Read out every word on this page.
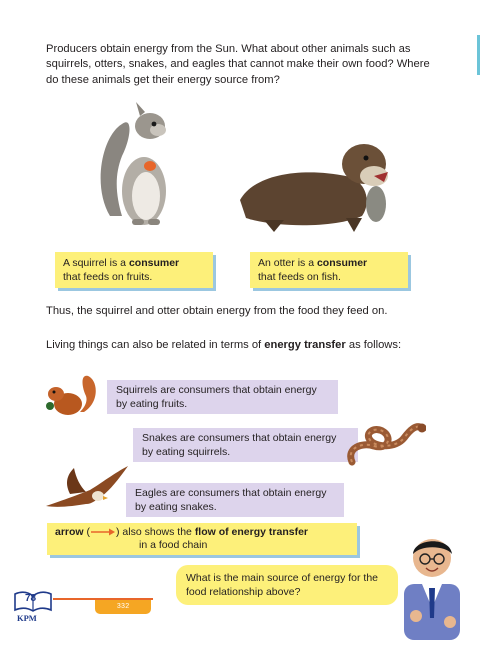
Producers obtain energy from the Sun. What about other animals such as squirrels, otters, snakes, and eagles that cannot make their own food? Where do these animals get their energy source from?
A squirrel is a consumer
that feeds on fruits.
An otter is a consumer
that feeds on fish.
Thus, the squirrel and otter obtain energy from the food they feed on.
Living things can also be related in terms of energy transfer as follows:
Squirrels are consumers that obtain energy by eating fruits.
Snakes are consumers that obtain energy by eating squirrels.
Eagles are consumers that obtain energy by eating snakes.
arrow ( ) also shows the flow of energy transfer
in a food chain
What is the main source of energy for the food relationship above?
78
332
KPM
